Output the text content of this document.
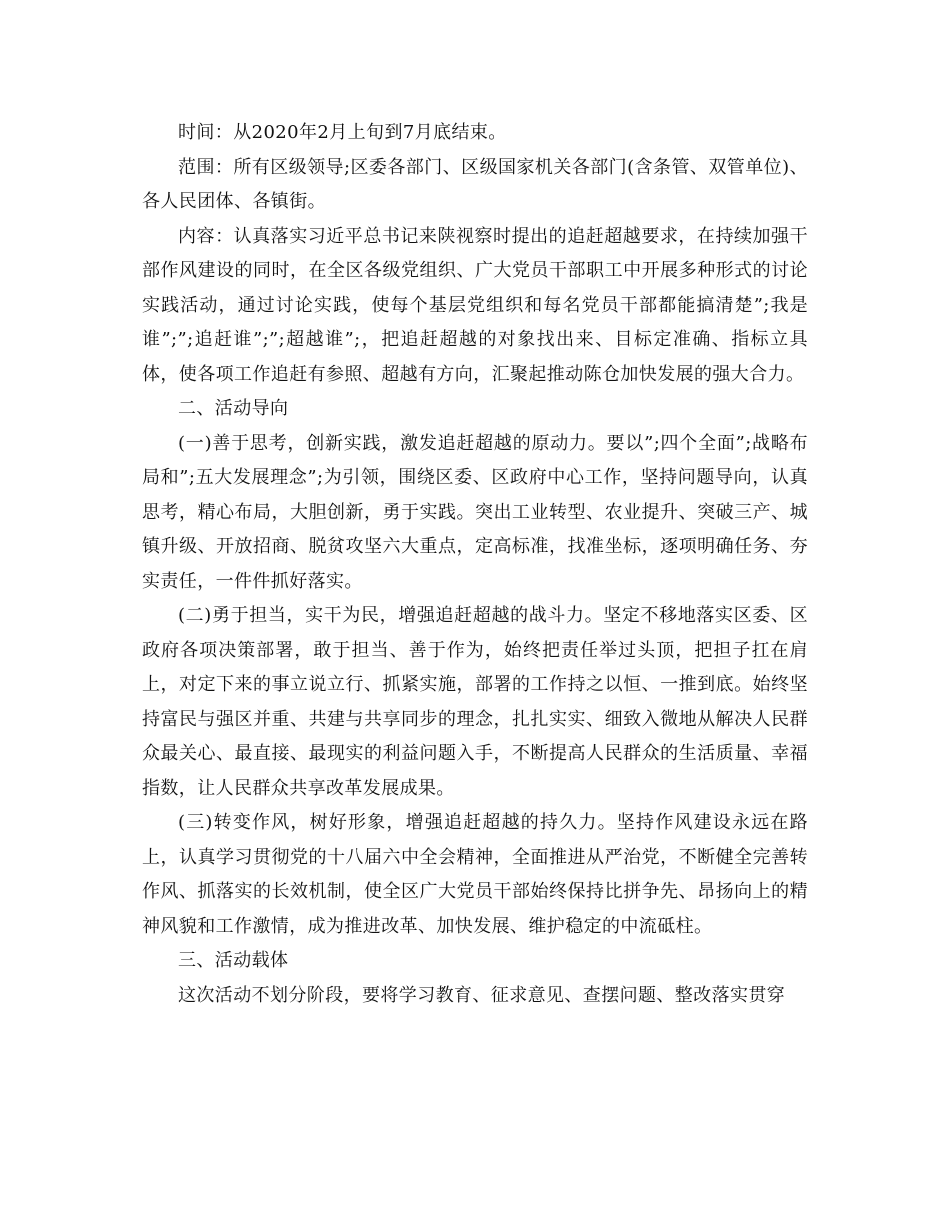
时间：从2020年2月上旬到7月底结束。

范围：所有区级领导;区委各部门、区级国家机关各部门(含条管、双管单位)、各人民团体、各镇街。

内容：认真落实习近平总书记来陕视察时提出的追赶超越要求，在持续加强干部作风建设的同时，在全区各级党组织、广大党员干部职工中开展多种形式的讨论实践活动，通过讨论实践，使每个基层党组织和每名党员干部都能搞清楚”;我是谁”;”;追赶谁”;”;超越谁”;，把追赶超越的对象找出来、目标定准确、指标立具体，使各项工作追赶有参照、超越有方向，汇聚起推动陈仓加快发展的强大合力。

二、活动导向

(一)善于思考，创新实践，激发追赶超越的原动力。要以”;四个全面”;战略布局和”;五大发展理念”;为引领，围绕区委、区政府中心工作，坚持问题导向，认真思考，精心布局，大胆创新，勇于实践。突出工业转型、农业提升、突破三产、城镇升级、开放招商、脱贫攻坚六大重点，定高标准，找准坐标，逐项明确任务、夯实责任，一件件抓好落实。

(二)勇于担当，实干为民，增强追赶超越的战斗力。坚定不移地落实区委、区政府各项决策部署，敢于担当、善于作为，始终把责任举过头顶，把担子扛在肩上，对定下来的事立说立行、抓紧实施，部署的工作持之以恒、一推到底。始终坚持富民与强区并重、共建与共享同步的理念，扎扎实实、细致入微地从解决人民群众最关心、最直接、最现实的利益问题入手，不断提高人民群众的生活质量、幸福指数，让人民群众共享改革发展成果。

(三)转变作风，树好形象，增强追赶超越的持久力。坚持作风建设永远在路上，认真学习贯彻党的十八届六中全会精神，全面推进从严治党，不断健全完善转作风、抓落实的长效机制，使全区广大党员干部始终保持比拼争先、昂扬向上的精神风貌和工作激情，成为推进改革、加快发展、维护稳定的中流砥柱。

三、活动载体

这次活动不划分阶段，要将学习教育、征求意见、查摆问题、整改落实贯穿
